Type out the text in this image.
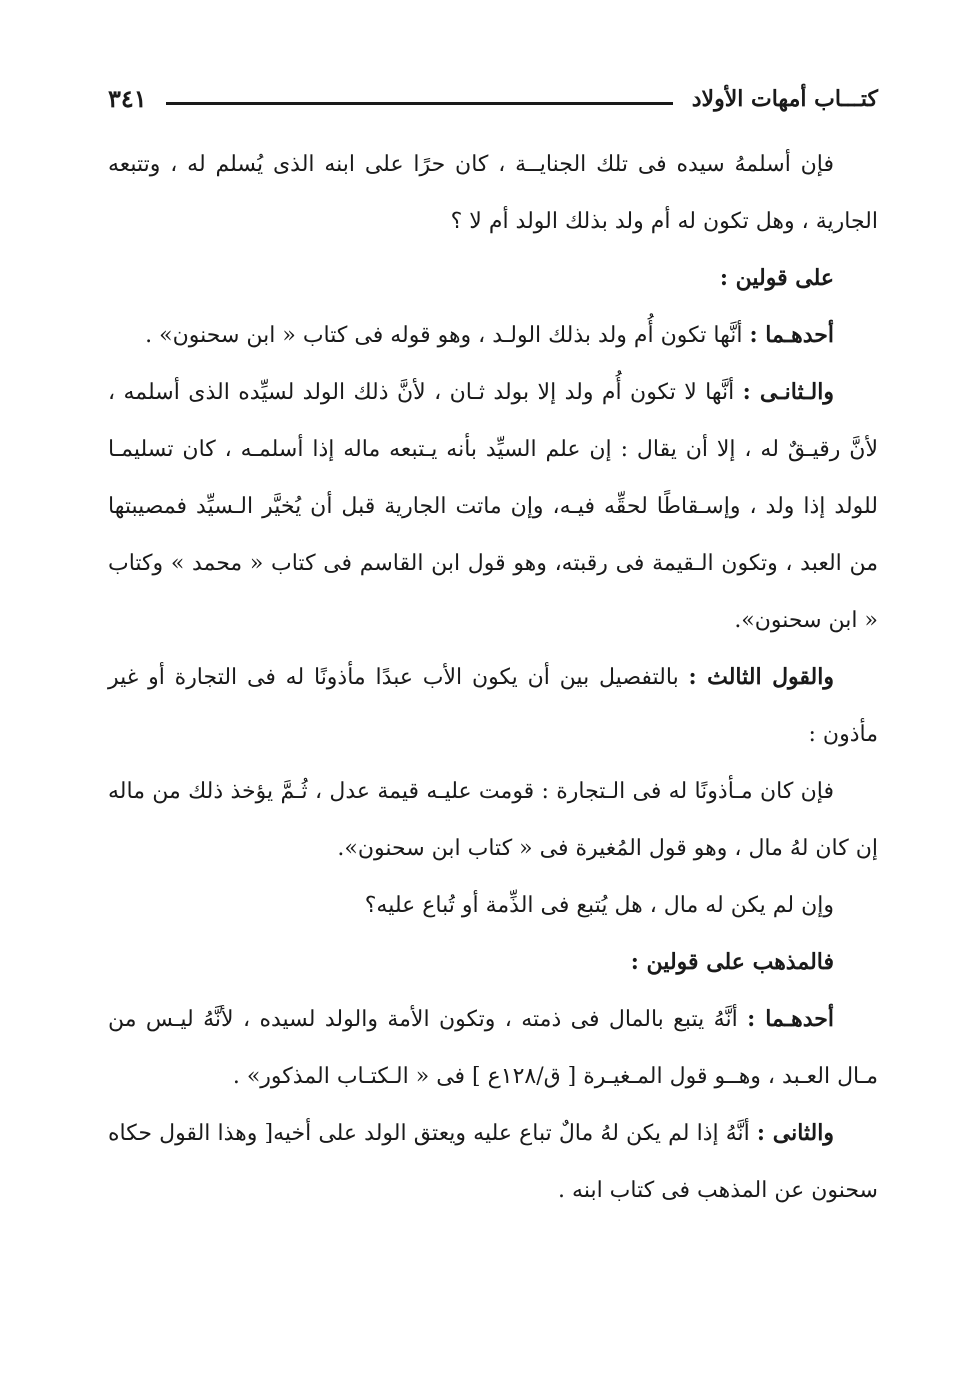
كتـــاب أمهات الأولاد
٣٤١

فإن أسلمهُ سيده فى تلك الجنايــة ، كان حرًا على ابنه الذى يُسلم له ، وتتبعه الجارية ، وهل تكون له أم ولد بذلك الولد أم لا ؟

على قولين :

أحدهـما : أنَّها تكون أُم ولد بذلك الولـد ، وهو قوله فى كتاب « ابن سحنون» .

والـثانـى : أنَّها لا تكون أُم ولد إلا بولد ثـان ، لأنَّ ذلك الولد لسيِّده الذى أسلمه ، لأنَّ رقيـقٌ له ، إلا أن يقال : إن علم السيِّد بأنه يـتبعه ماله إذا أسلمـه ، كان تسليمـا للولد إذا ولد ، وإسـقاطًا لحقِّه فيـه، وإن ماتت الجارية قبل أن يُخيَّر الـسيِّد فمصيبتها من العبد ، وتكون الـقيمة فى رقبته، وهو قول ابن القاسم فى كتاب « محمد » وكتاب « ابن سحنون».

والقول الثالث : بالتفصيل بين أن يكون الأب عبدًا مأذونًا له فى التجارة أو غير مأذون :

فإن كان مـأذونًا له فى الـتجارة : قومت عليـه قيمة عدل ، ثُـمَّ يؤخذ ذلك من ماله إن كان لهُ مال ، وهو قول المُغيرة فى « كتاب ابن سحنون».

وإن لم يكن له مال ، هل يُتبع فى الذِّمة أو تُباع عليه؟

فالمذهب على قولين :

أحدهـما : أنَّهُ يتبع بالمال فى ذمته ، وتكون الأمة والولد لسيده ، لأنَّهُ ليـس من مـال العـبد ، وهــو قول المـغيـرة [ ق/١٢٨ع ] فى « الـكتـاب المذكور» .

والثانى : أنَّهُ إذا لم يكن لهُ مالٌ تباع عليه ويعتق الولد على أخيه[ وهذا القول حكاه سحنون عن المذهب فى كتاب ابنه .
